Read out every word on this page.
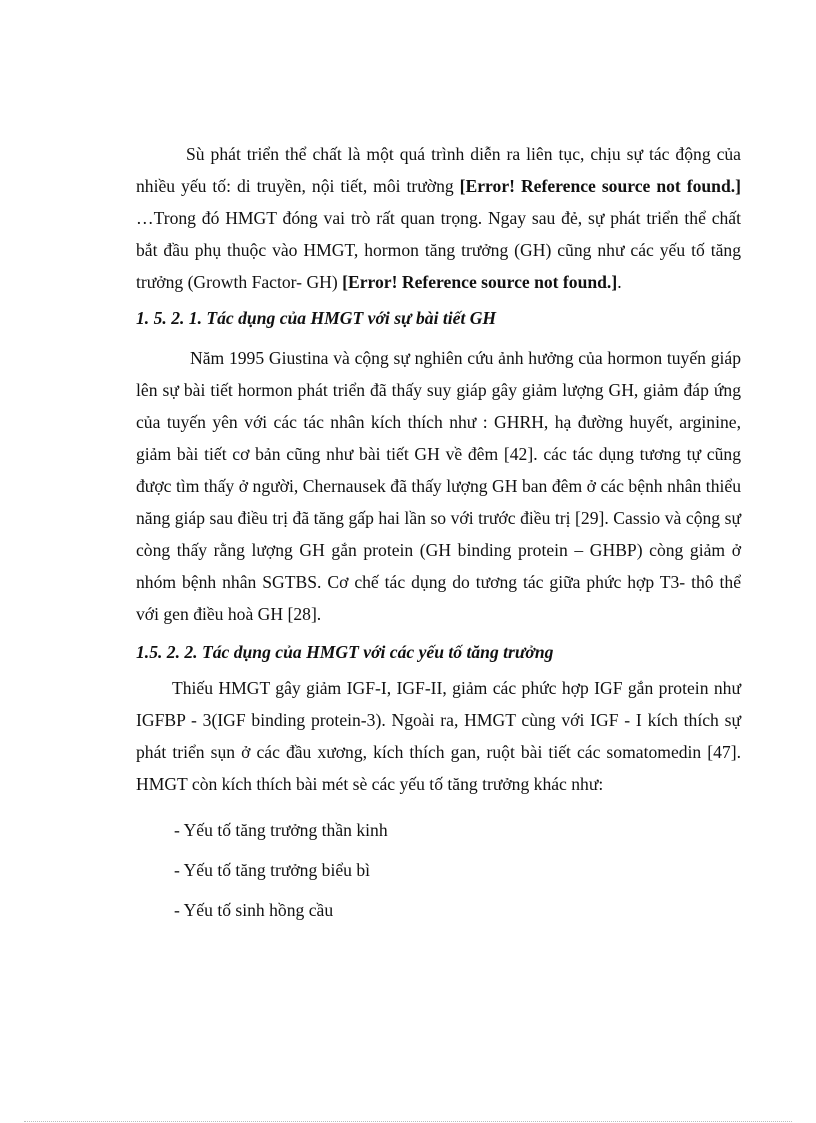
Sù phát triển thể chất là một quá trình diễn ra liên tục, chịu sự tác động của nhiều yếu tố: di truyền, nội tiết, môi trường [Error! Reference source not found.] …Trong đó HMGT đóng vai trò rất quan trọng. Ngay sau đẻ, sự phát triển thể chất bắt đầu phụ thuộc vào HMGT, hormon tăng trưởng (GH) cũng như các yếu tố tăng trưởng (Growth Factor- GH) [Error! Reference source not found.].

1. 5. 2. 1. Tác dụng của HMGT với sự bài tiết GH

Năm 1995 Giustina và cộng sự nghiên cứu ảnh hưởng của hormon tuyến giáp lên sự bài tiết hormon phát triển đã thấy suy giáp gây giảm lượng GH, giảm đáp ứng của tuyến yên với các tác nhân kích thích như : GHRH, hạ đường huyết, arginine, giảm bài tiết cơ bản cũng như bài tiết GH về đêm [42]. các tác dụng tương tự cũng được tìm thấy ở người, Chernausek đã thấy lượng GH ban đêm ở các bệnh nhân thiểu năng giáp sau điều trị đã tăng gấp hai lần so với trước điều trị [29]. Cassio và cộng sự còng thấy rằng lượng GH gắn protein (GH binding protein – GHBP) còng giảm ở nhóm bệnh nhân SGTBS. Cơ chế tác dụng do tương tác giữa phức hợp T3- thô thể với gen điều hoà GH [28].

1.5. 2. 2. Tác dụng của HMGT với các yếu tố tăng trưởng

Thiếu HMGT gây giảm IGF-I, IGF-II, giảm các phức hợp IGF gắn protein như IGFBP - 3(IGF binding protein-3). Ngoài ra, HMGT cùng với IGF - I kích thích sự phát triển sụn ở các đầu xương, kích thích gan, ruột bài tiết các somatomedin [47]. HMGT còn kích thích bài mét sè các yếu tố tăng trưởng khác như:

- Yếu tố tăng trưởng thần kinh

- Yếu tố tăng trưởng biểu bì

- Yếu tố sinh hồng cầu
